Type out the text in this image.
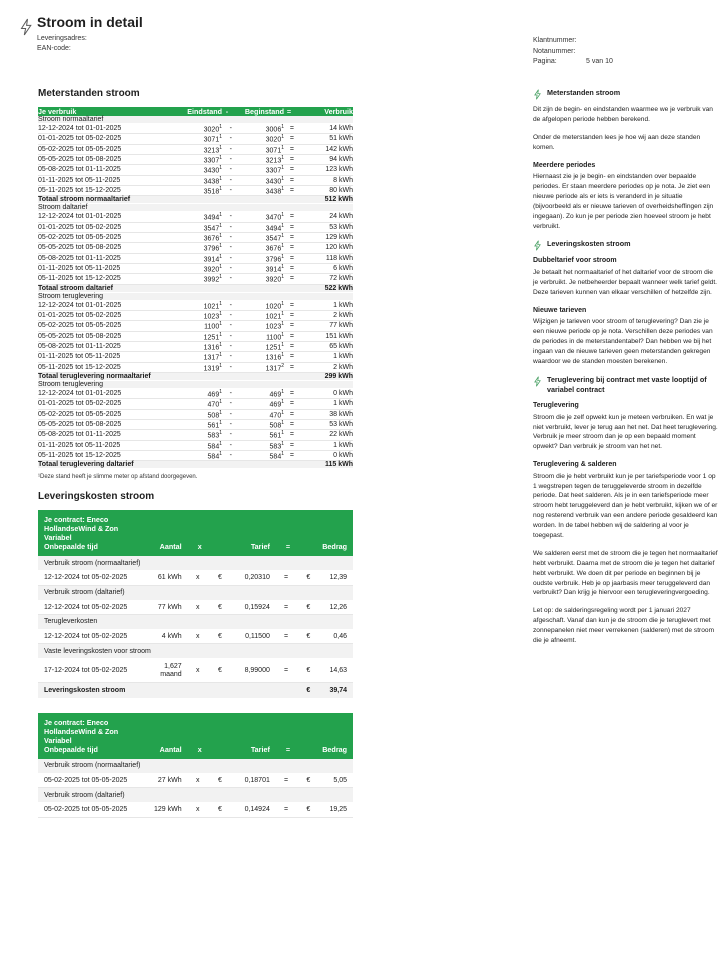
Stroom in detail
Leveringsadres:
EAN-code:
Klantnummer:
Notanummer:
Pagina:	5 van 10
Meterstanden stroom
Je verbruik	Eindstand	-	Beginstand	=	Verbruik
Stroom normaaltarief					
12-12-2024 tot 01-01-2025	3020$^1$	-	$3006^1$	=	14 kWh
01-01-2025 tot 05-02-2025	3071$^1$	-	$3020^1$	=	51 kWh
05-02-2025 tot 05-05-2025	3213$^1$	-	$3071^1$	=	142 kWh
05-05-2025 tot 05-08-2025	3307$^1$	-	$3213^1$	=	94 kWh
05-08-2025 tot 01-11-2025	3430$^1$	-	$3307^1$	=	123 kWh
01-11-2025 tot 05-11-2025	3438$^1$	-	$3430^1$	=	8 kWh
05-11-2025 tot 15-12-2025	3518$^1$	-	$3438^1$	=	80 kWh
Totaal stroom normaaltarief					512 kWh
Stroom daltarief					
12-12-2024 tot 01-01-2025	3494$^1$	-	$3470^1$	=	24 kWh
01-01-2025 tot 05-02-2025	3547$^1$	-	$3494^1$	=	53 kWh
05-02-2025 tot 05-05-2025	3676$^1$	-	$3547^1$	=	129 kWh
05-05-2025 tot 05-08-2025	3796$^1$	-	$3676^1$	=	120 kWh
05-08-2025 tot 01-11-2025	3914$^1$	-	$3796^1$	=	118 kWh
01-11-2025 tot 05-11-2025	3920$^1$	-	$3914^1$	=	6 kWh
05-11-2025 tot 15-12-2025	3992$^1$	-	$3920^1$	=	72 kWh
Totaal stroom daltarief					522 kWh
Stroom teruglevering					
12-12-2024 tot 01-01-2025	1021$^1$	-	$1020^1$	=	1 kWh
01-01-2025 tot 05-02-2025	1023$^1$	-	$1021^1$	=	2 kWh
05-02-2025 tot 05-05-2025	1100$^1$	-	$1023^1$	=	77 kWh
05-05-2025 tot 05-08-2025	1251$^1$	-	$1100^1$	=	151 kWh
05-08-2025 tot 01-11-2025	1316$^1$	-	$1251^1$	=	65 kWh
01-11-2025 tot 05-11-2025	1317$^1$	-	$1316^1$	=	1 kWh
05-11-2025 tot 15-12-2025	1319$^1$	-	$1317^2$	=	2 kWh
Totaal teruglevering normaaltarief					299 kWh
Stroom teruglevering					
12-12-2024 tot 01-01-2025	$469^1$	-	$469^1$	=	0 kWh
01-01-2025 tot 05-02-2025	$470^1$	-	$469^1$	=	1 kWh
05-02-2025 tot 05-05-2025	$508^1$	-	$470^1$	=	38 kWh
05-05-2025 tot 05-08-2025	$561^1$	-	$508^1$	=	53 kWh
05-08-2025 tot 01-11-2025	$583^1$	-	$561^1$	=	22 kWh
01-11-2025 tot 05-11-2025	$584^1$	-	$583^1$	=	1 kWh
05-11-2025 tot 15-12-2025	$584^1$	-	$584^1$	=	0 kWh
Totaal teruglevering daltarief					115 kWh
¹Deze stand heeft je slimme meter op afstand doorgegeven.
Leveringskosten stroom
Je contract: Eneco HollandseWind & Zon Variabel
Onbepaalde tijd	Aantal	x		Tarief	=		Bedrag
Verbruik stroom (normaaltarief)							
12-12-2024 tot 05-02-2025	61 kWh	x	€	0,20310	=	€	12,39
Verbruik stroom (daltarief)							
12-12-2024 tot 05-02-2025	77 kWh	x	€	0,15924	=	€	12,26
Terugleverkosten							
12-12-2024 tot 05-02-2025	4 kWh	x	€	0,11500	=	€	0,46
Vaste leveringskosten voor stroom							
17-12-2024 tot 05-02-2025	1,627 maand	x	€	8,99000	=	€	14,63
Leveringskosten stroom						€	39,74
Je contract: Eneco HollandseWind & Zon Variabel
Onbepaalde tijd	Aantal	x		Tarief	=		Bedrag
Verbruik stroom (normaaltarief)							
05-02-2025 tot 05-05-2025	27 kWh	x	€	0,18701	=	€	5,05
Verbruik stroom (daltarief)							
05-02-2025 tot 05-05-2025	129 kWh	x	€	0,14924	=	€	19,25
Meterstanden stroom

Dit zijn de begin- en eindstanden waarmee we je verbruik van de afgelopen periode hebben berekend.

Onder de meterstanden lees je hoe wij aan deze standen komen.

Meerdere periodes

Hiernaast zie je je begin- en eindstanden over bepaalde periodes. Er staan meerdere periodes op je nota. Je ziet een nieuwe periode als er iets is veranderd in je situatie (bijvoorbeeld als er nieuwe tarieven of overheidsheffingen zijn ingegaan). Zo kun je per periode zien hoeveel stroom je hebt verbruikt.

Leveringskosten stroom
Dubbeltarief voor stroom

Je betaalt het normaaltarief of het daltarief voor de stroom die je verbruikt. Je netbeheerder bepaalt wanneer welk tarief geldt. Deze tarieven kunnen van elkaar verschillen of hetzelfde zijn.

Nieuwe tarieven

Wijzigen je tarieven voor stroom of teruglevering? Dan zie je een nieuwe periode op je nota. Verschillen deze periodes van de periodes in de meterstandentabel? Dan hebben we bij het ingaan van de nieuwe tarieven geen meterstanden gekregen waardoor we de standen moesten berekenen.

Teruglevering bij contract met vaste looptijd of variabel contract
Teruglevering

Stroom die je zelf opwekt kun je meteen verbruiken. En wat je niet verbruikt, lever je terug aan het net. Dat heet teruglevering. Verbruik je meer stroom dan je op een bepaald moment opwekt? Dan verbruik je stroom van het net.

Teruglevering & salderen

Stroom die je hebt verbruikt kun je per tariefsperiode voor 1 op 1 wegstrepen tegen de teruggeleverde stroom in dezelfde periode. Dat heet salderen. Als je in een tariefsperiode meer stroom hebt teruggeleverd dan je hebt verbruikt, kijken we of er nog resterend verbruik van een andere periode gesaldeerd kan worden. In de tabel hebben wij de saldering al voor je toegepast.

We salderen eerst met de stroom die je tegen het normaaltarief hebt verbruikt. Daarna met de stroom die je tegen het daltarief hebt verbruikt. We doen dit per periode en beginnen bij je oudste verbruik. Heb je op jaarbasis meer teruggeleverd dan verbruikt? Dan krijg je hiervoor een terugleveringvergoeding.

Let op: de salderingsregeling wordt per 1 januari 2027 afgeschaft. Vanaf dan kun je de stroom die je teruglevert met zonnepanelen niet meer verrekenen (salderen) met de stroom die je afneemt.
